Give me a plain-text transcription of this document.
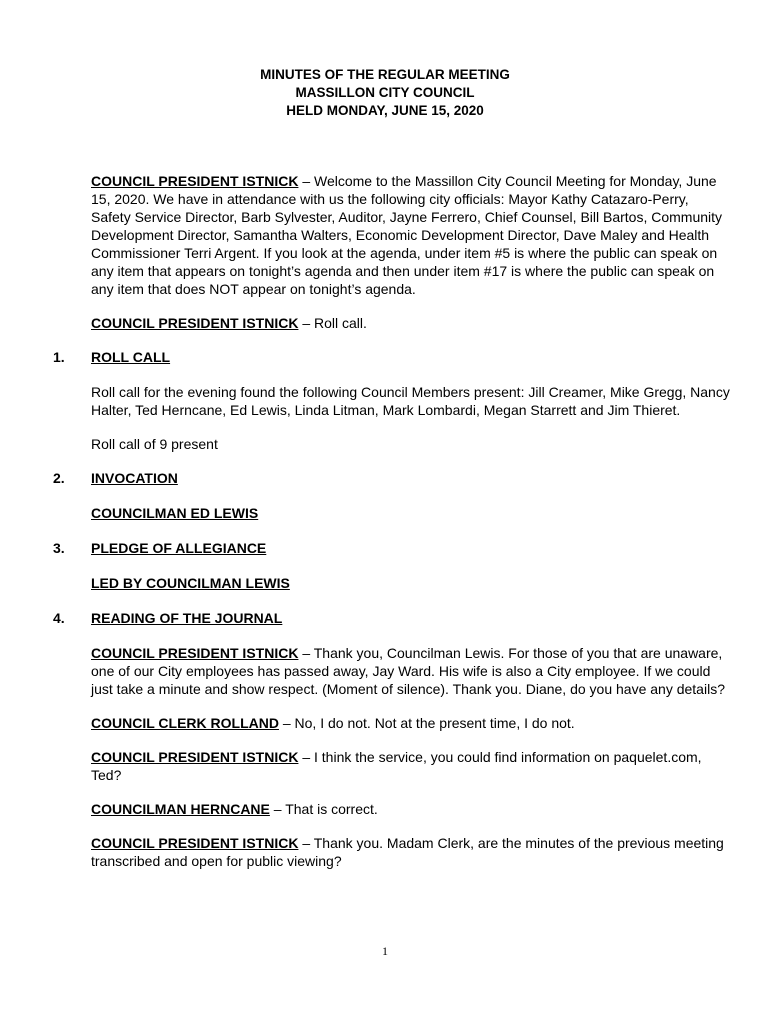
MINUTES OF THE REGULAR MEETING
MASSILLON CITY COUNCIL
HELD MONDAY, JUNE 15, 2020

COUNCIL PRESIDENT ISTNICK – Welcome to the Massillon City Council Meeting for Monday, June 15, 2020. We have in attendance with us the following city officials: Mayor Kathy Catazaro-Perry, Safety Service Director, Barb Sylvester, Auditor, Jayne Ferrero, Chief Counsel, Bill Bartos, Community Development Director, Samantha Walters, Economic Development Director, Dave Maley and Health Commissioner Terri Argent. If you look at the agenda, under item #5 is where the public can speak on any item that appears on tonight’s agenda and then under item #17 is where the public can speak on any item that does NOT appear on tonight’s agenda.

COUNCIL PRESIDENT ISTNICK – Roll call.

1. ROLL CALL

Roll call for the evening found the following Council Members present: Jill Creamer, Mike Gregg, Nancy Halter, Ted Herncane, Ed Lewis, Linda Litman, Mark Lombardi, Megan Starrett and Jim Thieret.

Roll call of 9 present

2. INVOCATION
COUNCILMAN ED LEWIS
3. PLEDGE OF ALLEGIANCE
LED BY COUNCILMAN LEWIS
4. READING OF THE JOURNAL

COUNCIL PRESIDENT ISTNICK – Thank you, Councilman Lewis. For those of you that are unaware, one of our City employees has passed away, Jay Ward. His wife is also a City employee. If we could just take a minute and show respect. (Moment of silence). Thank you. Diane, do you have any details?

COUNCIL CLERK ROLLAND – No, I do not. Not at the present time, I do not.

COUNCIL PRESIDENT ISTNICK – I think the service, you could find information on paquelet.com, Ted?

COUNCILMAN HERNCANE – That is correct.

COUNCIL PRESIDENT ISTNICK – Thank you. Madam Clerk, are the minutes of the previous meeting transcribed and open for public viewing?

1
